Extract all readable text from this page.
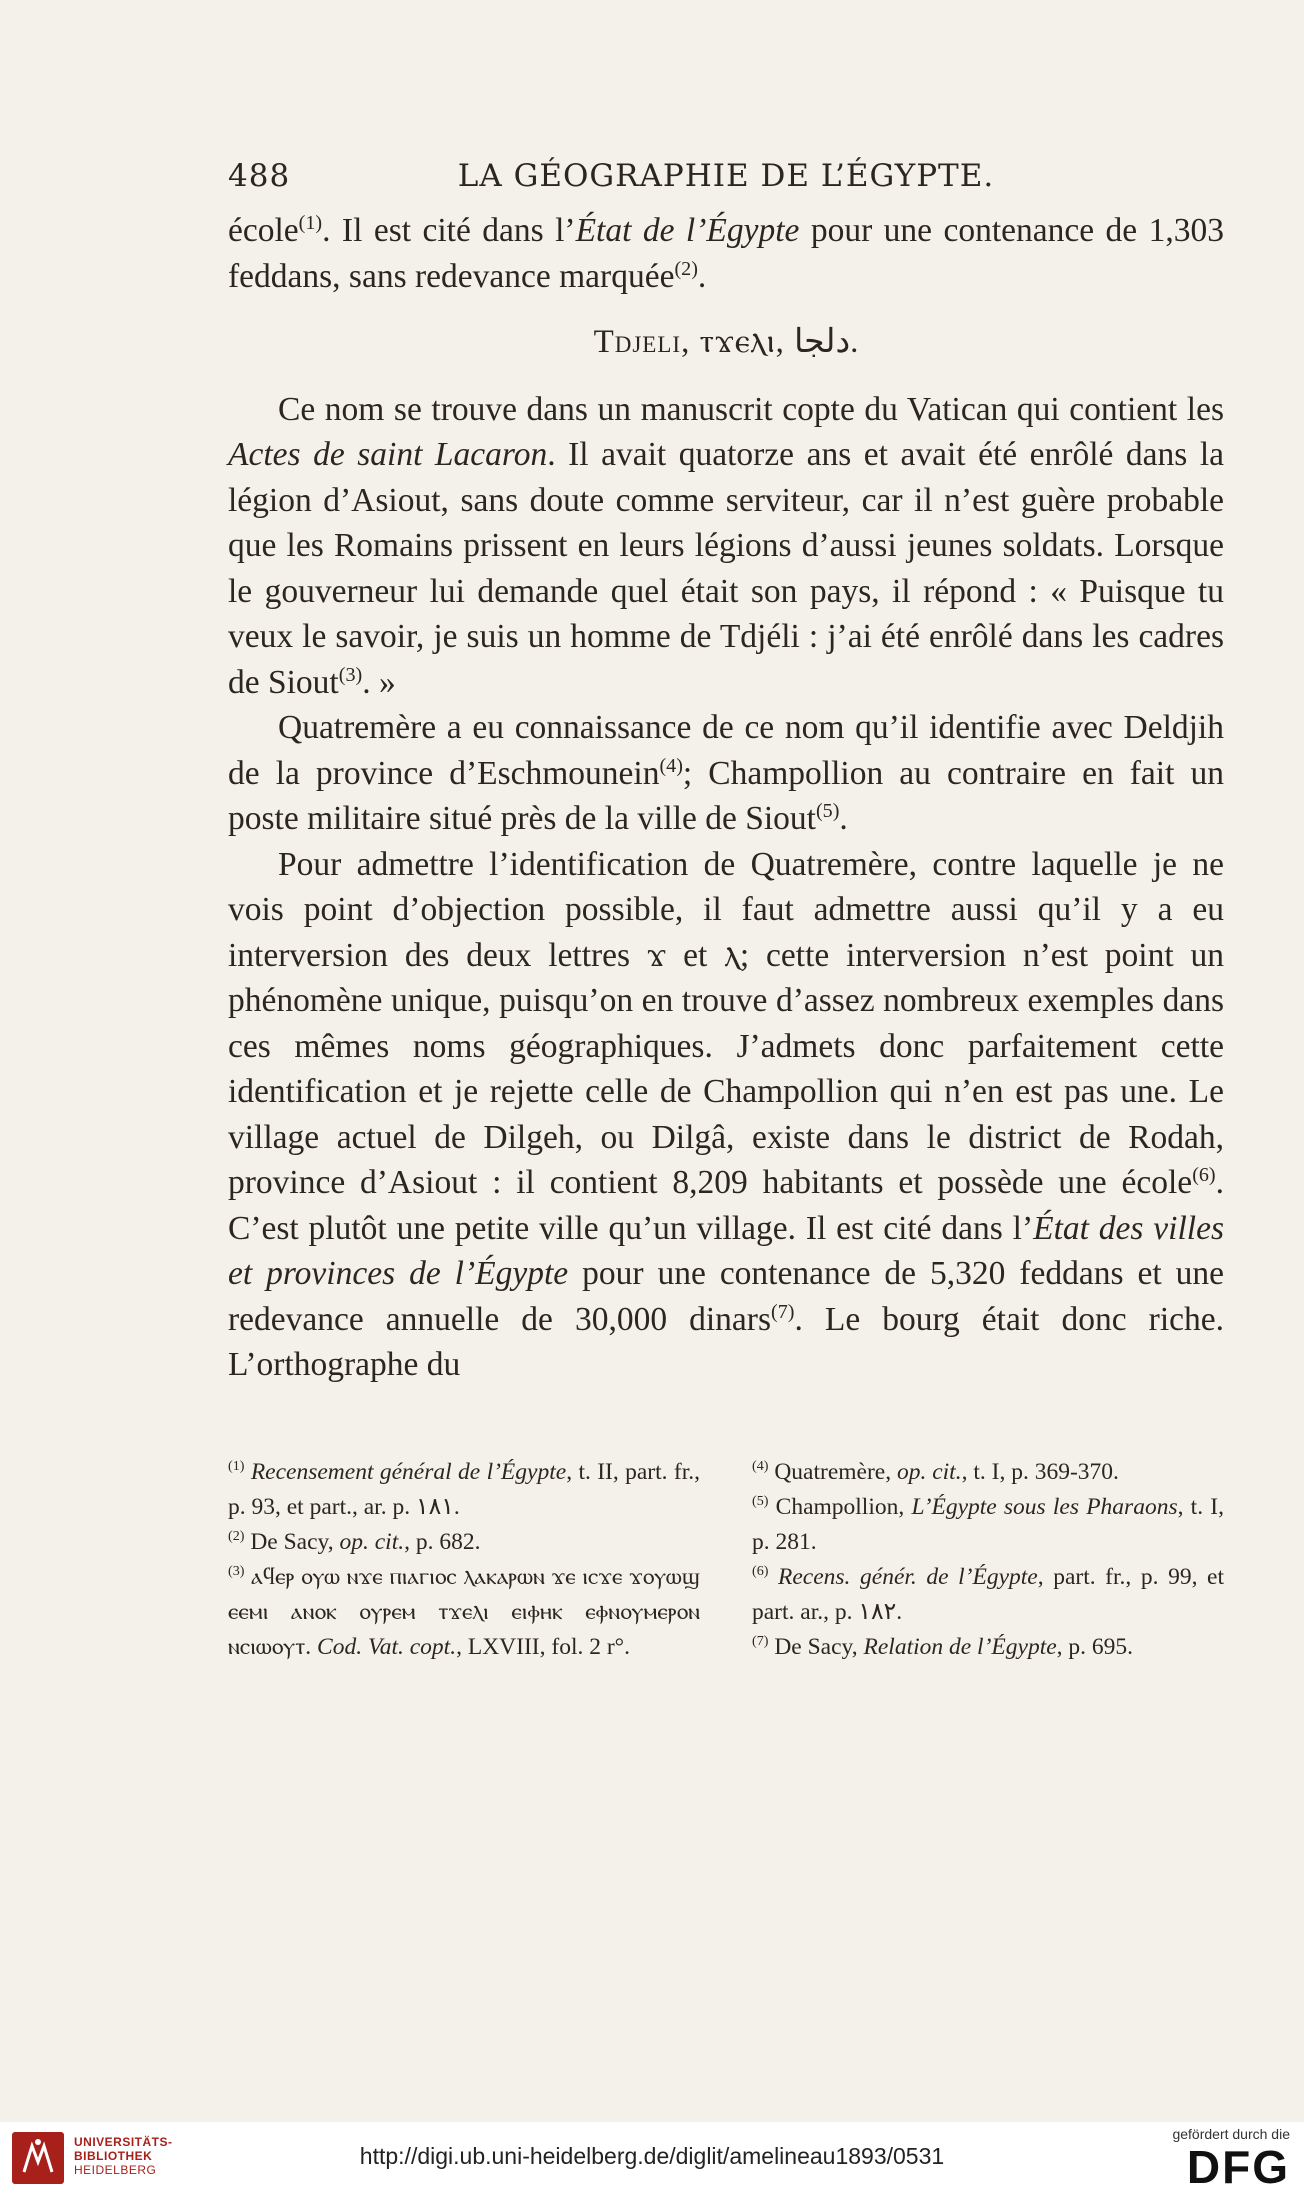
488	LA GÉOGRAPHIE DE L’ÉGYPTE.

école$^{(1)}$. Il est cité dans l’État de l’Égypte pour une contenance de 1,303 feddans, sans redevance marquée$^{(2)}$.

Tdjeli, ⲧϫⲉⲗⲓ, دلجا.

Ce nom se trouve dans un manuscrit copte du Vatican qui contient les Actes de saint Lacaron. Il avait quatorze ans et avait été enrôlé dans la légion d’Asiout, sans doute comme serviteur, car il n’est guère probable que les Romains prissent en leurs légions d’aussi jeunes soldats. Lorsque le gouverneur lui demande quel était son pays, il répond : « Puisque tu veux le savoir, je suis un homme de Tdjéli : j’ai été enrôlé dans les cadres de Siout$^{(3)}$. »

Quatremère a eu connaissance de ce nom qu’il identifie avec Deldjih de la province d’Eschmounein$^{(4)}$; Champollion au contraire en fait un poste militaire situé près de la ville de Siout$^{(5)}$.

Pour admettre l’identification de Quatremère, contre laquelle je ne vois point d’objection possible, il faut admettre aussi qu’il y a eu interversion des deux lettres ϫ et ⲗ; cette interversion n’est point un phénomène unique, puisqu’on en trouve d’assez nombreux exemples dans ces mêmes noms géographiques. J’admets donc parfaitement cette identification et je rejette celle de Champollion qui n’en est pas une. Le village actuel de Dilgeh, ou Dilgâ, existe dans le district de Rodah, province d’Asiout : il contient 8,209 habitants et possède une école$^{(6)}$. C’est plutôt une petite ville qu’un village. Il est cité dans l’État des villes et provinces de l’Égypte pour une contenance de 5,320 feddans et une redevance annuelle de 30,000 dinars$^{(7)}$. Le bourg était donc riche. L’orthographe du

$^{(1)}$ Recensement général de l’Égypte, t. II, part. fr., p. 93, et part., ar. p. ۱۸۱.

$^{(2)}$ De Sacy, op. cit., p. 682.

$^{(3)}$ ⲁϥⲉⲣ ⲟⲩⲱ ⲛϫⲉ ⲡⲓⲁⲅⲓⲟⲥ ⲗⲁⲕⲁⲣⲱⲛ ϫⲉ ⲓⲥϫⲉ ϫⲟⲩⲱϣ ⲉⲉⲙⲓ ⲁⲛⲟⲕ ⲟⲩⲣⲉⲙ ⲧϫⲉⲗⲓ ⲉⲓⲫⲏⲕ ⲉⲫⲛⲟⲩⲙⲉⲣⲟⲛ ⲛⲥⲓⲱⲟⲩⲧ. Cod. Vat. copt., LXVIII, fol. 2 r°.

$^{(4)}$ Quatremère, op. cit., t. I, p. 369-370.

$^{(5)}$ Champollion, L’Égypte sous les Pharaons, t. I, p. 281.

$^{(6)}$ Recens. génér. de l’Égypte, part. fr., p. 99, et part. ar., p. ۱۸۲.

$^{(7)}$ De Sacy, Relation de l’Égypte, p. 695.

UNIVERSITÄTS-
BIBLIOTHEK
HEIDELBERG
http://digi.ub.uni-heidelberg.de/diglit/amelineau1893/0531
gefördert durch die
DFG
